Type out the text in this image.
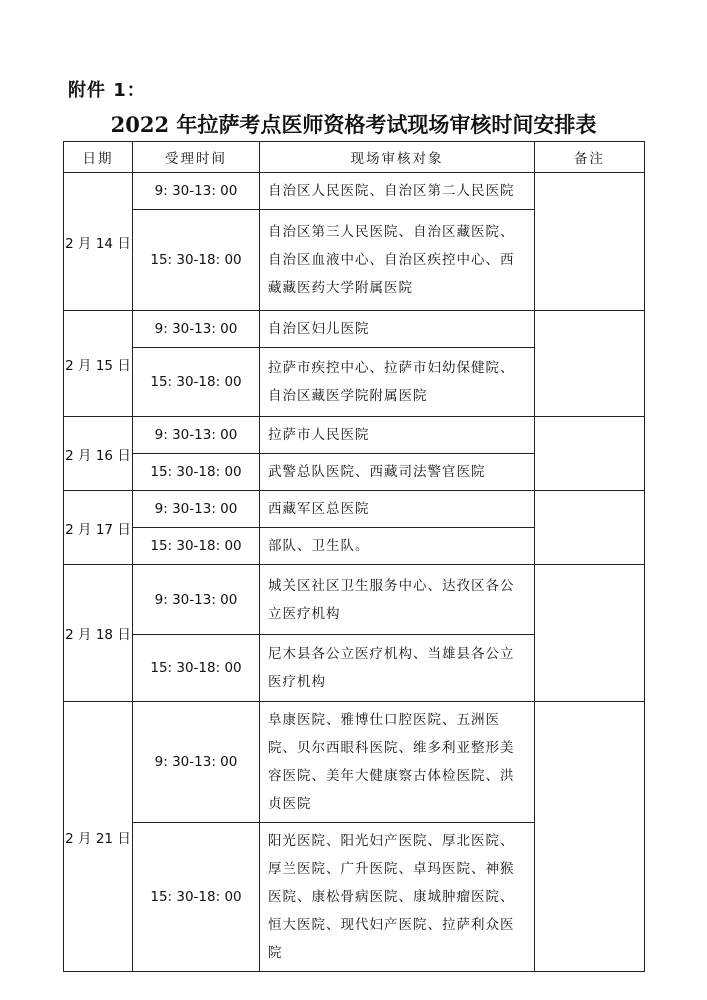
附件 1：
2022 年拉萨考点医师资格考试现场审核时间安排表
日期	受理时间	现场审核对象	备注
2 月 14 日	9: 30-13: 00	自治区人民医院、自治区第二人民医院	
	15: 30-18: 00	自治区第三人民医院、自治区藏医院、自治区血液中心、自治区疾控中心、西藏藏医药大学附属医院	
2 月 15 日	9: 30-13: 00	自治区妇儿医院	
	15: 30-18: 00	拉萨市疾控中心、拉萨市妇幼保健院、自治区藏医学院附属医院	
2 月 16 日	9: 30-13: 00	拉萨市人民医院	
	15: 30-18: 00	武警总队医院、西藏司法警官医院	
2 月 17 日	9: 30-13: 00	西藏军区总医院	
	15: 30-18: 00	部队、卫生队。	
2 月 18 日	9: 30-13: 00	城关区社区卫生服务中心、达孜区各公立医疗机构	
	15: 30-18: 00	尼木县各公立医疗机构、当雄县各公立医疗机构	
2 月 21 日	9: 30-13: 00	阜康医院、雅博仕口腔医院、五洲医院、贝尔西眼科医院、维多利亚整形美容医院、美年大健康察古体检医院、洪贞医院	
	15: 30-18: 00	阳光医院、阳光妇产医院、厚北医院、厚兰医院、广升医院、卓玛医院、神猴医院、康松骨病医院、康城肿瘤医院、恒大医院、现代妇产医院、拉萨利众医院	
